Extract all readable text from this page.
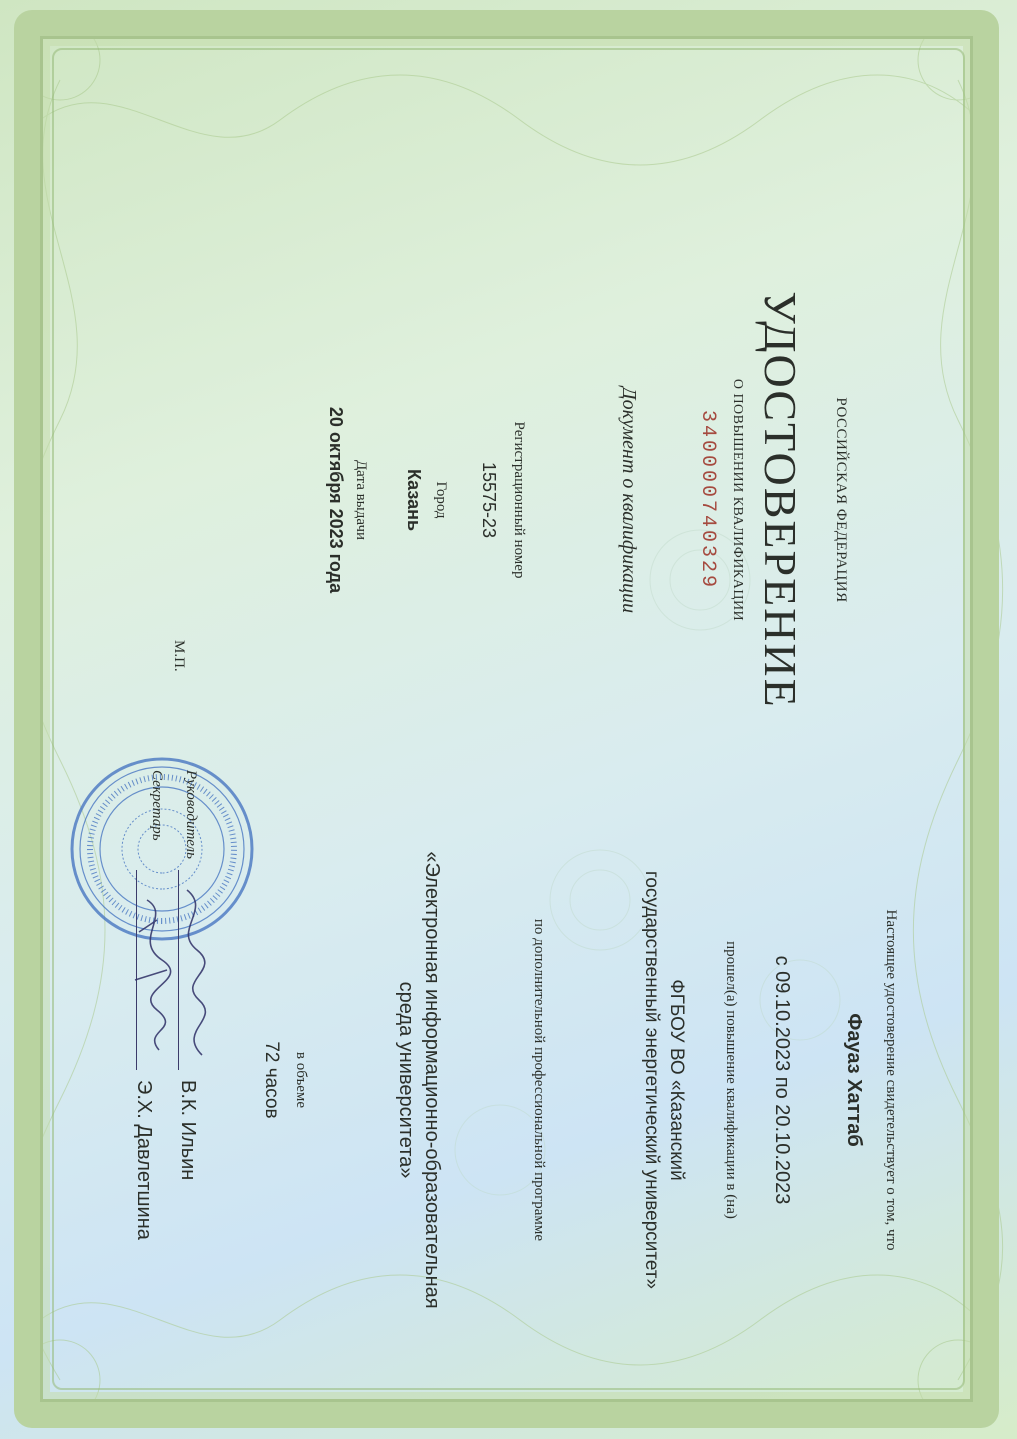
РОССИЙСКАЯ ФЕДЕРАЦИЯ
УДОСТОВЕРЕНИЕ
О ПОВЫШЕНИИ КВАЛИФИКАЦИИ
340000740329
Документ о квалификации
Регистрационный номер
15575-23
Город
Казань
Дата выдачи
20 октября 2023 года
Настоящее удостоверение свидетельствует о том, что
Фауаз Хаттаб
с 09.10.2023 по 20.10.2023
прошел(а) повышение квалификации в (на)
ФГБОУ ВО «Казанский
государственный энергетический университет»
по дополнительной профессиональной программе
«Электронная информационно-образовательная
среда университета»
в объеме
72 часов
М.П.
Руководитель
Секретарь
В.К. Ильин
Э.Х. Давлетшина
